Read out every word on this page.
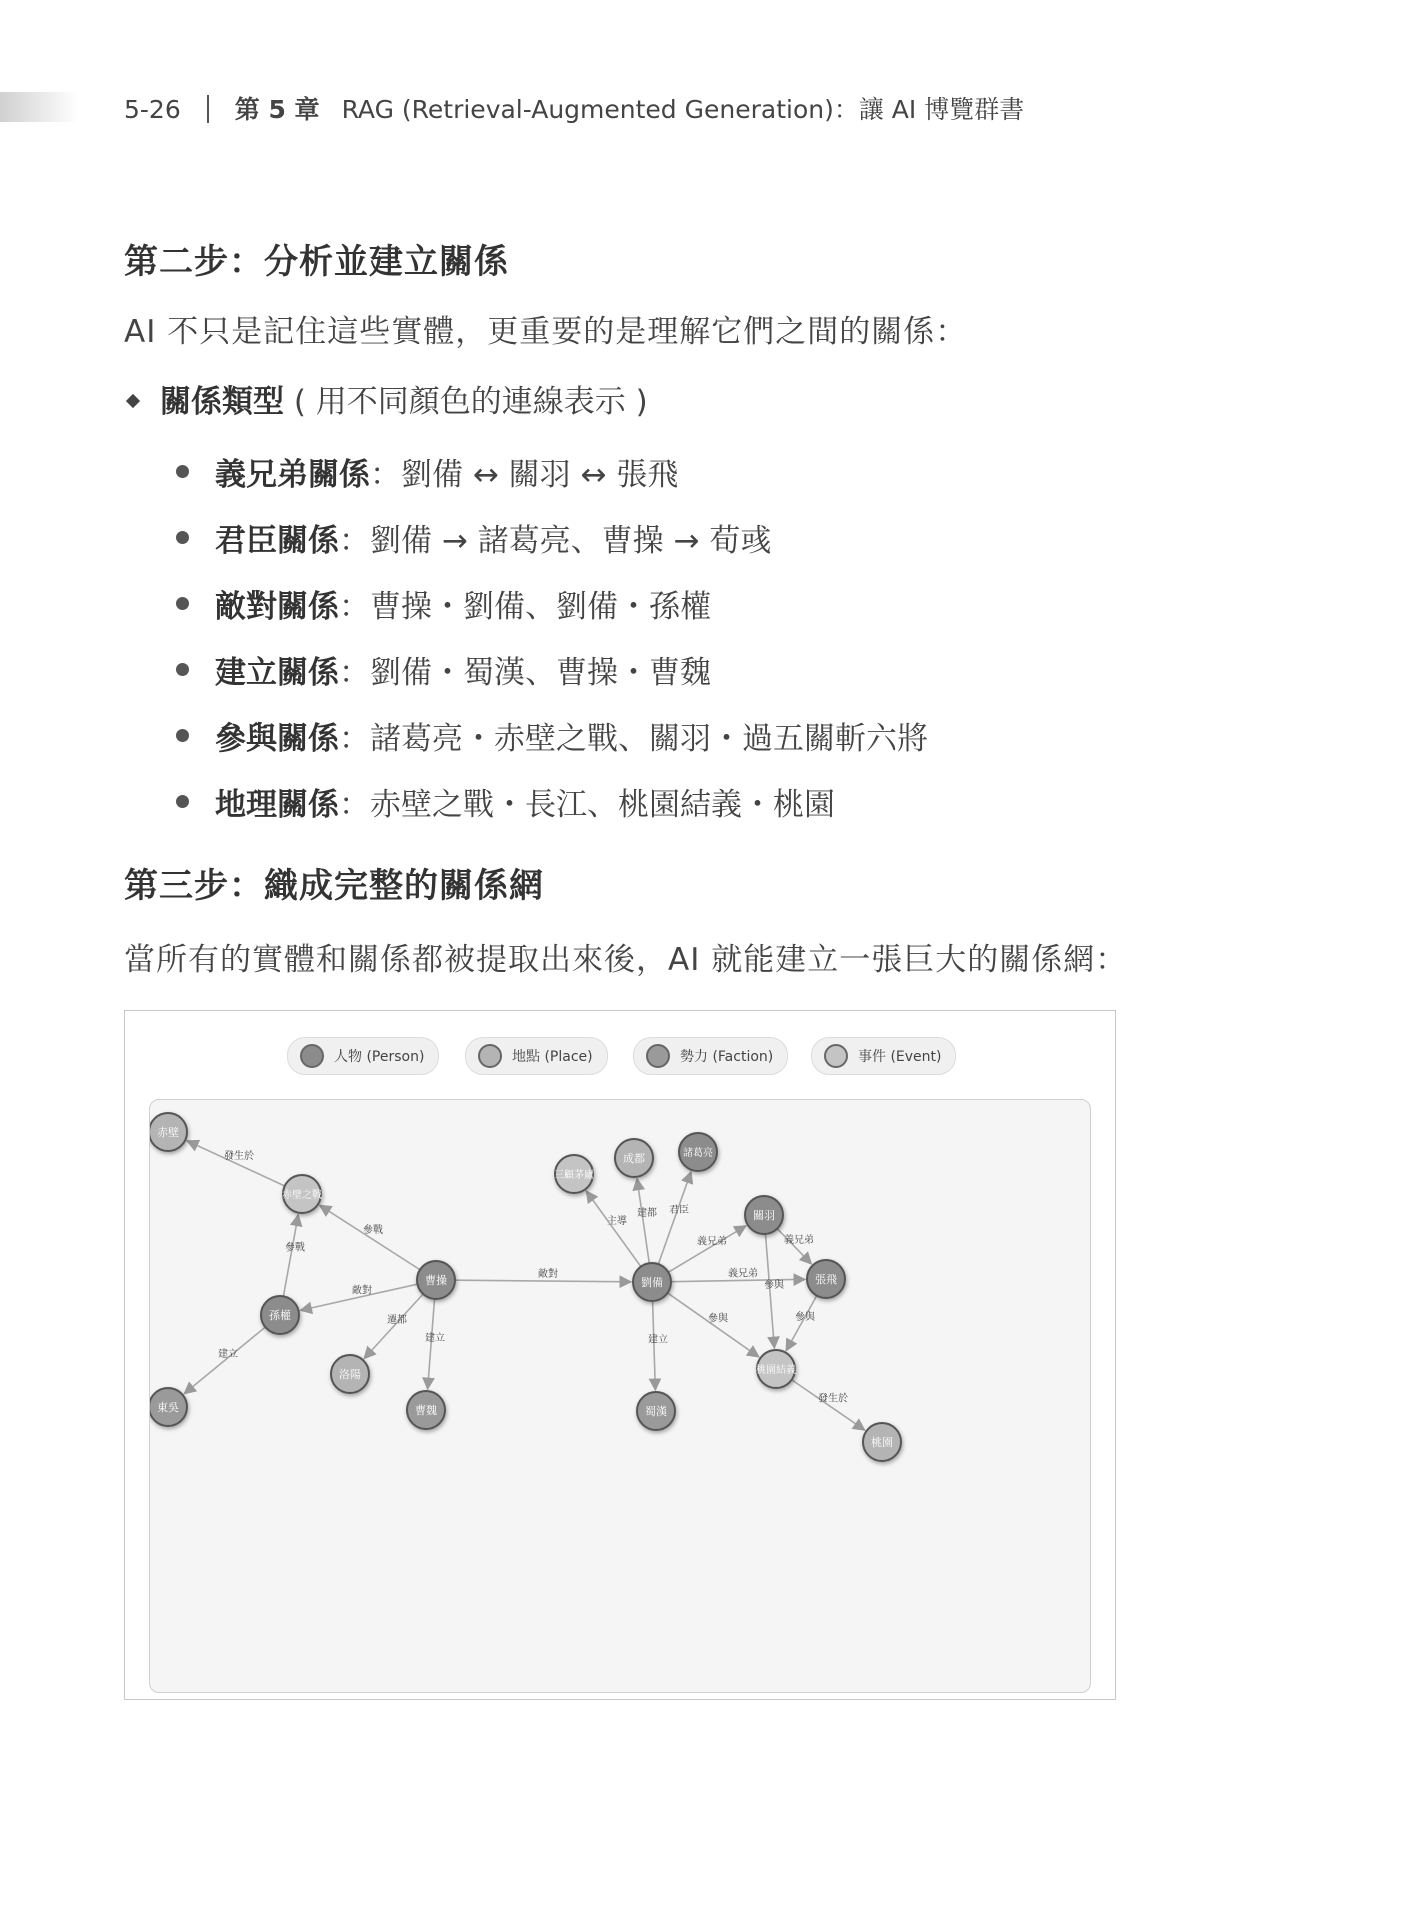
5-26 第 5 章 RAG (Retrieval-Augmented Generation)：讓 AI 博覽群書
第二步：分析並建立關係

AI 不只是記住這些實體，更重要的是理解它們之間的關係：

關係類型 ( 用不同顏色的連線表示 )
義兄弟關係 ：劉備 ↔ 關羽 ↔ 張飛
君臣關係 ：劉備 → 諸葛亮、曹操 → 荀彧
敵對關係 ：曹操・劉備、劉備・孫權
建立關係 ：劉備・蜀漢、曹操・曹魏
參與關係 ：諸葛亮・赤壁之戰、關羽・過五關斬六將
地理關係 ：赤壁之戰・長江、桃園結義・桃園
第三步：織成完整的關係網

當所有的實體和關係都被提取出來後，AI 就能建立一張巨大的關係網：

人物 (Person)	地點 (Place)	勢力 (Faction)	事件 (Event)
發生於
參戰
參戰
敵對
遷都
建立
建立
敵對
主導
建都 君臣
義兄弟	義兄弟
義兄弟
參與
參與
參與
建立
發生於
赤壁
赤壁之戰
曹操
孫權
洛陽
曹魏
東吳
劉備
成都	諸葛亮
三顧茅廬
關羽
張飛
桃園結義
蜀漢
桃園
